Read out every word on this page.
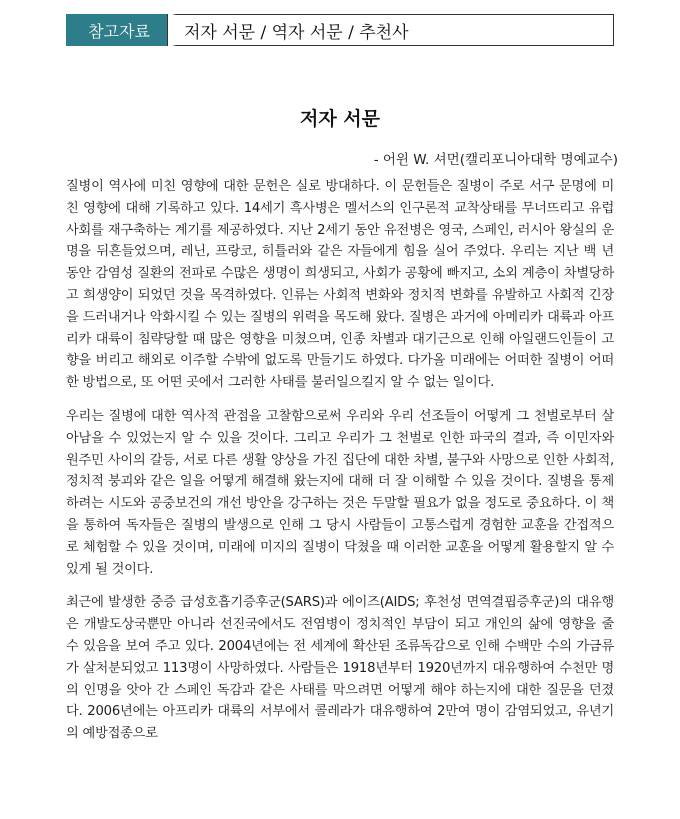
참고자료	저자 서문 / 역자 서문 / 추천사
저자 서문
- 어윈 W. 셔먼(캘리포니아대학 명예교수)

질병이 역사에 미친 영향에 대한 문헌은 실로 방대하다. 이 문헌들은 질병이 주로 서구 문명에 미친 영향에 대해 기록하고 있다. 14세기 흑사병은 멜서스의 인구론적 교착상태를 무너뜨리고 유럽 사회를 재구축하는 계기를 제공하였다. 지난 2세기 동안 유전병은 영국, 스페인, 러시아 왕실의 운명을 뒤흔들었으며, 레닌, 프랑코, 히틀러와 같은 자들에게 힘을 실어 주었다. 우리는 지난 백 년 동안 감염성 질환의 전파로 수많은 생명이 희생되고, 사회가 공황에 빠지고, 소외 계층이 차별당하고 희생양이 되었던 것을 목격하였다. 인류는 사회적 변화와 정치적 변화를 유발하고 사회적 긴장을 드러내거나 악화시킬 수 있는 질병의 위력을 목도해 왔다. 질병은 과거에 아메리카 대륙과 아프리카 대륙이 침략당할 때 많은 영향을 미쳤으며, 인종 차별과 대기근으로 인해 아일랜드인들이 고향을 버리고 해외로 이주할 수밖에 없도록 만들기도 하였다. 다가올 미래에는 어떠한 질병이 어떠한 방법으로, 또 어떤 곳에서 그러한 사태를 불러일으킬지 알 수 없는 일이다.

우리는 질병에 대한 역사적 관점을 고찰함으로써 우리와 우리 선조들이 어떻게 그 천벌로부터 살아남을 수 있었는지 알 수 있을 것이다. 그리고 우리가 그 천벌로 인한 파국의 결과, 즉 이민자와 원주민 사이의 갈등, 서로 다른 생활 양상을 가진 집단에 대한 차별, 불구와 사망으로 인한 사회적, 정치적 붕괴와 같은 일을 어떻게 해결해 왔는지에 대해 더 잘 이해할 수 있을 것이다. 질병을 통제하려는 시도와 공중보건의 개선 방안을 강구하는 것은 두말할 필요가 없을 정도로 중요하다. 이 책을 통하여 독자들은 질병의 발생으로 인해 그 당시 사람들이 고통스럽게 경험한 교훈을 간접적으로 체험할 수 있을 것이며, 미래에 미지의 질병이 닥쳤을 때 이러한 교훈을 어떻게 활용할지 알 수 있게 될 것이다.

최근에 발생한 중증 급성호흡기증후군(SARS)과 에이즈(AIDS; 후천성 면역결핍증후군)의 대유행은 개발도상국뿐만 아니라 선진국에서도 전염병이 정치적인 부담이 되고 개인의 삶에 영향을 줄 수 있음을 보여 주고 있다. 2004년에는 전 세계에 확산된 조류독감으로 인해 수백만 수의 가금류가 살처분되었고 113명이 사망하였다. 사람들은 1918년부터 1920년까지 대유행하여 수천만 명의 인명을 앗아 간 스페인 독감과 같은 사태를 막으려면 어떻게 해야 하는지에 대한 질문을 던졌다. 2006년에는 아프리카 대륙의 서부에서 콜레라가 대유행하여 2만여 명이 감염되었고, 유년기의 예방접종으로
